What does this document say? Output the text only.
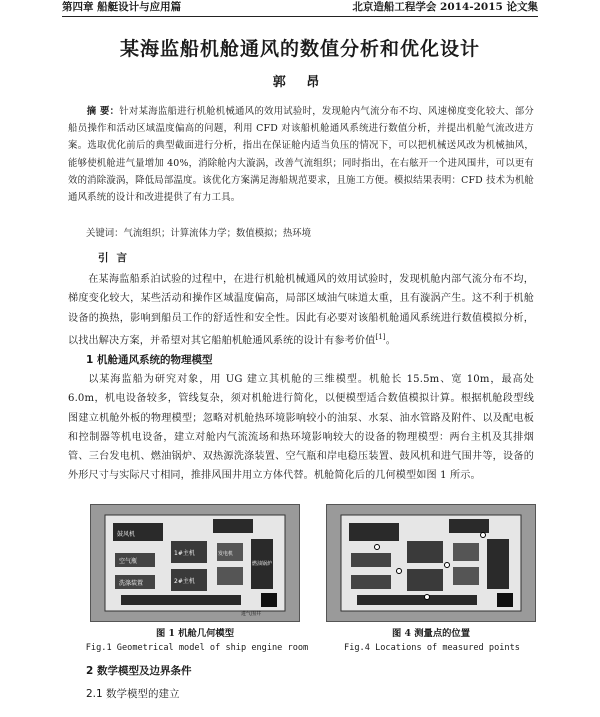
第四章 船艇设计与应用篇	北京造船工程学会 2014-2015 论文集
某海监船机舱通风的数值分析和优化设计
郭 昂
摘 要：针对某海监船进行机舱机械通风的效用试验时，发现舱内气流分布不均、风速梯度变化较大、部分船员操作和活动区域温度偏高的问题，利用 CFD 对该船机舱通风系统进行数值分析，并提出机舱气流改进方案。选取优化前后的典型截面进行分析，指出在保证舱内适当负压的情况下，可以把机械送风改为机械抽风，能够使机舱进气量增加 40%，消除舱内大漩涡，改善气流组织；同时指出，在右舷开一个进风围井，可以更有效的消除漩涡，降低局部温度。该优化方案满足海船规范要求，且施工方便。模拟结果表明：CFD 技术为机舱通风系统的设计和改进提供了有力工具。
关键词：气流组织；计算流体力学；数值模拟；热环境
引言
在某海监船系泊试验的过程中，在进行机舱机械通风的效用试验时，发现机舱内部气流分布不均，梯度变化较大，某些活动和操作区域温度偏高，局部区域油气味道太重，且有漩涡产生。这不利于机舱设备的换热，影响到船员工作的舒适性和安全性。因此有必要对该船机舱通风系统进行数值模拟分析，以找出解决方案，并希望对其它船舶机舱通风系统的设计有参考价值[1]。
1 机舱通风系统的物理模型
以某海监船为研究对象，用 UG 建立其机舱的三维模型。机舱长 15.5m、宽 10m，最高处 6.0m，机电设备较多，管线复杂，须对机舱进行简化，以便模型适合数值模拟计算。根据机舱段型线图建立机舱外板的物理模型；忽略对机舱热环境影响较小的油泵、水泵、油水管路及附件、以及配电板和控制器等机电设备，建立对舱内气流流场和热环境影响较大的设备的物理模型：两台主机及其排烟管、三台发电机、燃油锅炉、双热源洗涤装置、空气瓶和岸电稳压装置、鼓风机和进气围井等，设备的外形尺寸与实际尺寸相同，推排风围井用立方体代替。机舱简化后的几何模型如图 1 所示。
鼓风机
1#主机
2#主机
燃油锅炉
空气瓶
发电机
进气围井
洗涤装置
图 1 机舱几何模型
Fig.1 Geometrical model of ship engine room
图 4 测量点的位置
Fig.4 Locations of measured points
2 数学模型及边界条件
2.1 数学模型的建立
